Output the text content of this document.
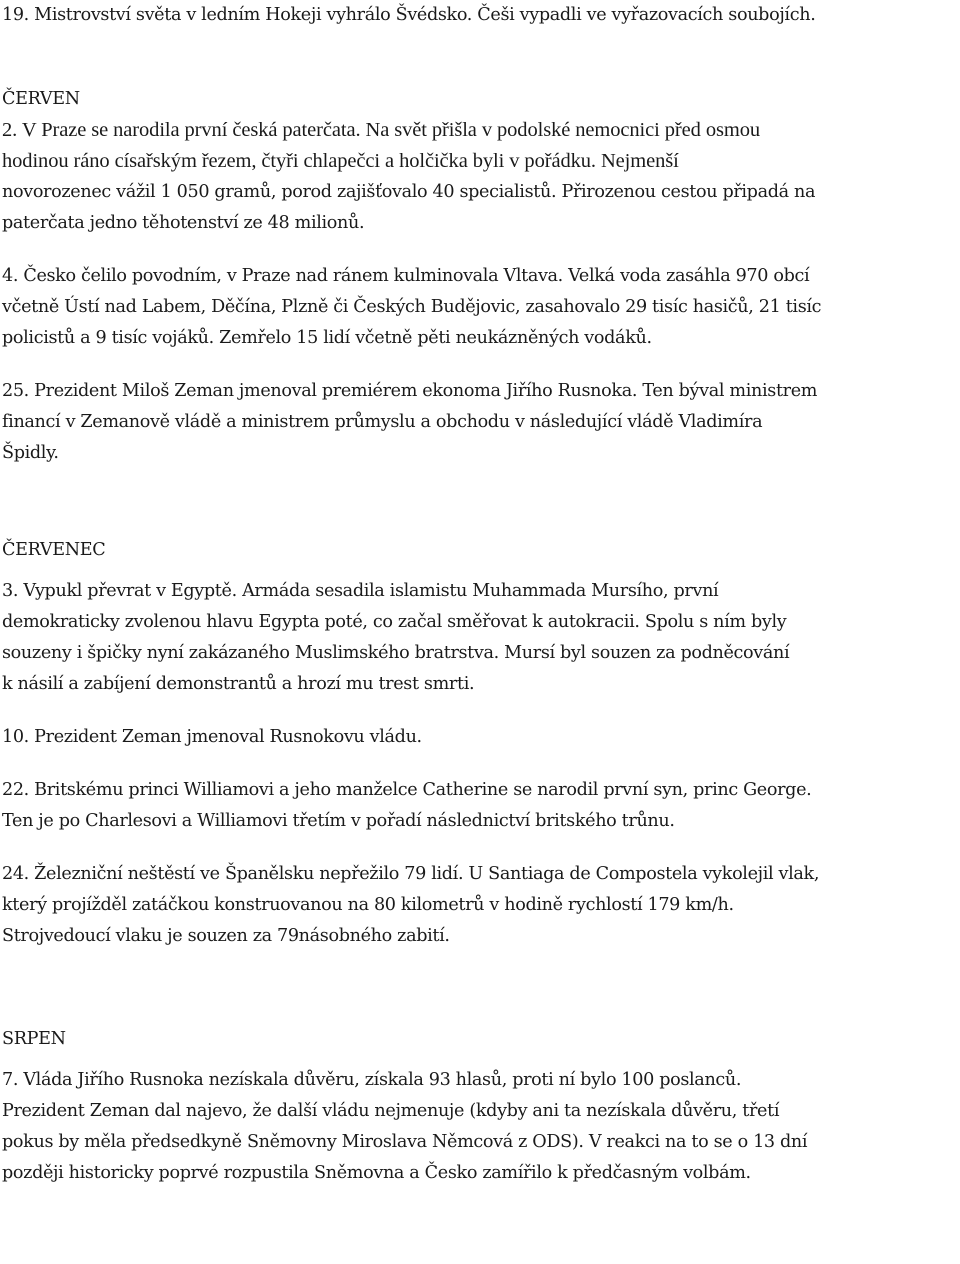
19. Mistrovství světa v ledním Hokeji vyhrálo Švédsko. Češi vypadli ve vyřazovacích soubojích.
ČERVEN
2. V Praze se narodila první česká paterčata. Na svět přišla v podolské nemocnici před osmou
hodinou ráno císařským řezem, čtyři chlapečci a holčička byli v pořádku. Nejmenší
novorozenec vážil 1 050 gramů, porod zajišťovalo 40 specialistů. Přirozenou cestou připadá na
paterčata jedno těhotenství ze 48 milionů.
4. Česko čelilo povodním, v Praze nad ránem kulminovala Vltava. Velká voda zasáhla 970 obcí
včetně Ústí nad Labem, Děčína, Plzně či Českých Budějovic, zasahovalo 29 tisíc hasičů, 21 tisíc
policistů a 9 tisíc vojáků. Zemřelo 15 lidí včetně pěti neukázněných vodáků.
25. Prezident Miloš Zeman jmenoval premiérem ekonoma Jiřího Rusnoka. Ten býval ministrem
financí v Zemanově vládě a ministrem průmyslu a obchodu v následující vládě Vladimíra
Špidly.
ČERVENEC
3. Vypukl převrat v Egyptě. Armáda sesadila islamistu Muhammada Mursího, první
demokraticky zvolenou hlavu Egypta poté, co začal směřovat k autokracii. Spolu s ním byly
souzeny i špičky nyní zakázaného Muslimského bratrstva. Mursí byl souzen za podněcování
k násilí a zabíjení demonstrantů a hrozí mu trest smrti.
10. Prezident Zeman jmenoval Rusnokovu vládu.
22. Britskému princi Williamovi a jeho manželce Catherine se narodil první syn, princ George.
Ten je po Charlesovi a Williamovi třetím v pořadí následnictví britského trůnu.
24. Železniční neštěstí ve Španělsku nepřežilo 79 lidí. U Santiaga de Compostela vykolejil vlak,
který projížděl zatáčkou konstruovanou na 80 kilometrů v hodině rychlostí 179 km/h.
Strojvedoucí vlaku je souzen za 79násobného zabití.
SRPEN
7. Vláda Jiřího Rusnoka nezískala důvěru, získala 93 hlasů, proti ní bylo 100 poslanců.
Prezident Zeman dal najevo, že další vládu nejmenuje (kdyby ani ta nezískala důvěru, třetí
pokus by měla předsedkyně Sněmovny Miroslava Němcová z ODS). V reakci na to se o 13 dní
později historicky poprvé rozpustila Sněmovna a Česko zamířilo k předčasným volbám.
